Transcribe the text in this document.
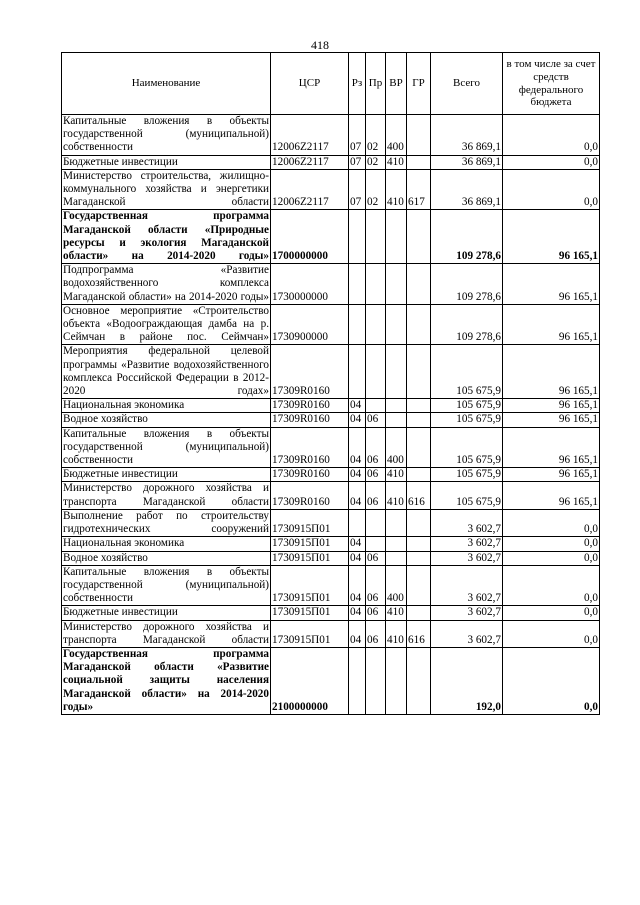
418
Наименование	ЦСР	Рз	Пр	ВР	ГР	Всего	в том числе за счет средств федерального бюджета
Капитальные вложения в объекты государственной (муниципальной) собственности	12006Z2117	07	02	400		36 869,1	0,0
Бюджетные инвестиции	12006Z2117	07	02	410		36 869,1	0,0
Министерство строительства, жилищно-коммунального хозяйства и энергетики Магаданской области	12006Z2117	07	02	410	617	36 869,1	0,0
Государственная программа Магаданской области «Природные ресурсы и экология Магаданской области» на 2014-2020 годы»	1700000000					109 278,6	96 165,1
Подпрограмма «Развитие водохозяйственного комплекса Магаданской области» на 2014-2020 годы»	1730000000					109 278,6	96 165,1
Основное мероприятие «Строительство объекта «Водоограждающая дамба на р. Сеймчан в районе пос. Сеймчан»	1730900000					109 278,6	96 165,1
Мероприятия федеральной целевой программы «Развитие водохозяйственного комплекса Российской Федерации в 2012-2020 годах»	17309R0160					105 675,9	96 165,1
Национальная экономика	17309R0160	04				105 675,9	96 165,1
Водное хозяйство	17309R0160	04	06			105 675,9	96 165,1
Капитальные вложения в объекты государственной (муниципальной) собственности	17309R0160	04	06	400		105 675,9	96 165,1
Бюджетные инвестиции	17309R0160	04	06	410		105 675,9	96 165,1
Министерство дорожного хозяйства и транспорта Магаданской области	17309R0160	04	06	410	616	105 675,9	96 165,1
Выполнение работ по строительству гидротехнических сооружений	1730915П01					3 602,7	0,0
Национальная экономика	1730915П01	04				3 602,7	0,0
Водное хозяйство	1730915П01	04	06			3 602,7	0,0
Капитальные вложения в объекты государственной (муниципальной) собственности	1730915П01	04	06	400		3 602,7	0,0
Бюджетные инвестиции	1730915П01	04	06	410		3 602,7	0,0
Министерство дорожного хозяйства и транспорта Магаданской области	1730915П01	04	06	410	616	3 602,7	0,0
Государственная программа Магаданской области «Развитие социальной защиты населения Магаданской области» на 2014-2020 годы»	2100000000					192,0	0,0
